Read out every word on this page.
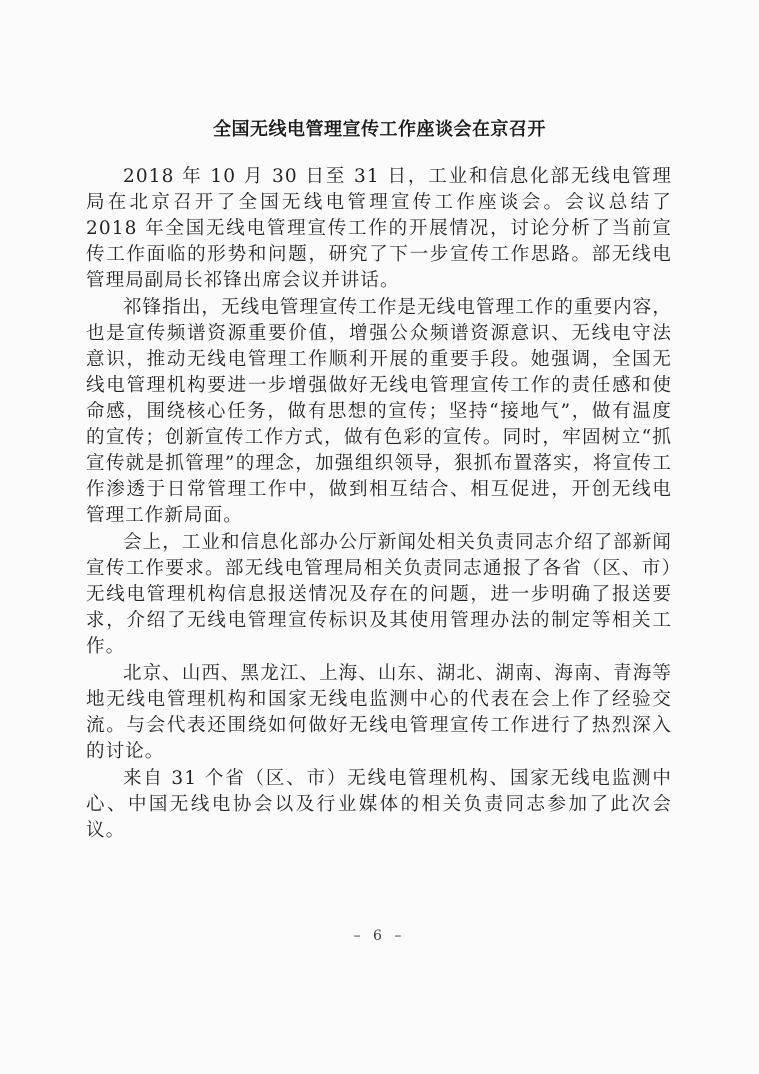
全国无线电管理宣传工作座谈会在京召开

2018 年 10 月 30 日至 31 日，工业和信息化部无线电管理局在北京召开了全国无线电管理宣传工作座谈会。会议总结了 2018 年全国无线电管理宣传工作的开展情况，讨论分析了当前宣传工作面临的形势和问题，研究了下一步宣传工作思路。部无线电管理局副局长祁锋出席会议并讲话。

祁锋指出，无线电管理宣传工作是无线电管理工作的重要内容，也是宣传频谱资源重要价值，增强公众频谱资源意识、无线电守法意识，推动无线电管理工作顺利开展的重要手段。她强调，全国无线电管理机构要进一步增强做好无线电管理宣传工作的责任感和使命感，围绕核心任务，做有思想的宣传；坚持“接地气”，做有温度的宣传；创新宣传工作方式，做有色彩的宣传。同时，牢固树立“抓宣传就是抓管理”的理念，加强组织领导，狠抓布置落实，将宣传工作渗透于日常管理工作中，做到相互结合、相互促进，开创无线电管理工作新局面。

会上，工业和信息化部办公厅新闻处相关负责同志介绍了部新闻宣传工作要求。部无线电管理局相关负责同志通报了各省（区、市）无线电管理机构信息报送情况及存在的问题，进一步明确了报送要求，介绍了无线电管理宣传标识及其使用管理办法的制定等相关工作。

北京、山西、黑龙江、上海、山东、湖北、湖南、海南、青海等地无线电管理机构和国家无线电监测中心的代表在会上作了经验交流。与会代表还围绕如何做好无线电管理宣传工作进行了热烈深入的讨论。

来自 31 个省（区、市）无线电管理机构、国家无线电监测中心、中国无线电协会以及行业媒体的相关负责同志参加了此次会议。

– 6 –
